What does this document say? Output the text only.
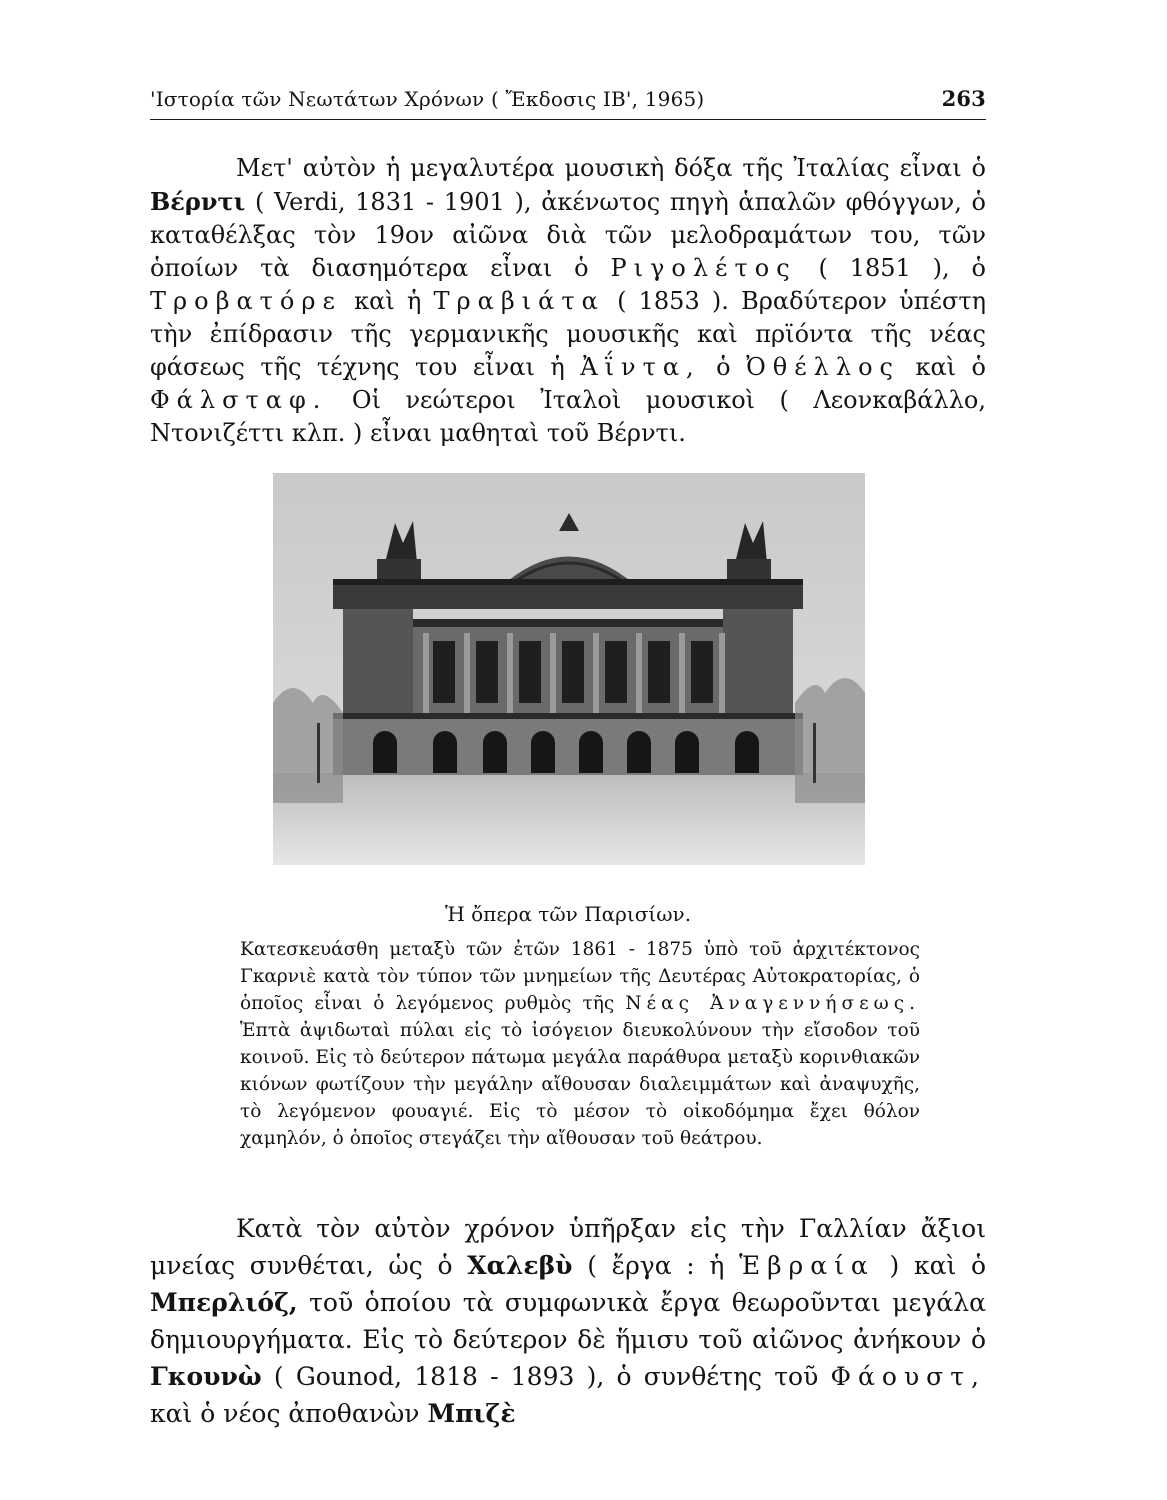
'Ιστορία τῶν Νεωτάτων Χρόνων ( Ἔκδοσις ΙΒ', 1965)	263

Μετ' αὐτὸν ἡ μεγαλυτέρα μουσικὴ δόξα τῆς Ἰταλίας εἶναι ὁ Βέρντι ( Verdi, 1831 - 1901 ), ἀκένωτος πηγὴ ἁπαλῶν φθόγγων, ὁ καταθέλξας τὸν 19ον αἰῶνα διὰ τῶν μελοδραμάτων του, τῶν ὁποίων τὰ διασημότερα εἶναι ὁ Ριγολέτος ( 1851 ), ὁ Τροβατόρε καὶ ἡ Τραβιάτα ( 1853 ). Βραδύτερον ὑπέστη τὴν ἐπίδρασιν τῆς γερμανικῆς μουσικῆς καὶ πρϊόντα τῆς νέας φάσεως τῆς τέχνης του εἶναι ἡ Ἀΐντα, ὁ Ὀθέλλος καὶ ὁ Φάλσταφ. Οἱ νεώτεροι Ἰταλοὶ μουσικοὶ ( Λεονκαβάλλο, Ντονιζέττι κλπ. ) εἶναι μαθηταὶ τοῦ Βέρντι.

Ἡ ὄπερα τῶν Παρισίων.

Κατεσκευάσθη μεταξὺ τῶν ἐτῶν 1861 - 1875 ὑπὸ τοῦ ἀρχιτέκτονος Γκαρνιὲ κατὰ τὸν τύπον τῶν μνημείων τῆς Δευτέρας Αὐτοκρατορίας, ὁ ὁποῖος εἶναι ὁ λεγόμενος ρυθμὸς τῆς Νέας Ἀναγεννήσεως. Ἑπτὰ ἀψιδωταὶ πύλαι εἰς τὸ ἰσόγειον διευκολύνουν τὴν εἴσοδον τοῦ κοινοῦ. Εἰς τὸ δεύτερον πάτωμα μεγάλα παράθυρα μεταξὺ κορινθιακῶν κιόνων φωτίζουν τὴν μεγάλην αἴθουσαν διαλειμμάτων καὶ ἀναψυχῆς, τὸ λεγόμενον φουαγιέ. Εἰς τὸ μέσον τὸ οἰκοδόμημα ἔχει θόλον χαμηλόν, ὁ ὁποῖος στεγάζει τὴν αἴθουσαν τοῦ θεάτρου.

Κατὰ τὸν αὐτὸν χρόνον ὑπῆρξαν εἰς τὴν Γαλλίαν ἄξιοι μνείας συνθέται, ὡς ὁ Χαλεβὺ ( ἔργα : ἡ Ἑβραία ) καὶ ὁ Μπερλιόζ, τοῦ ὁποίου τὰ συμφωνικὰ ἔργα θεωροῦνται μεγάλα δημιουργήματα. Εἰς τὸ δεύτερον δὲ ἥμισυ τοῦ αἰῶνος ἀνήκουν ὁ Γκουνὼ ( Gounod, 1818 - 1893 ), ὁ συνθέτης τοῦ Φάουστ, καὶ ὁ νέος ἀποθανὼν Μπιζὲ
